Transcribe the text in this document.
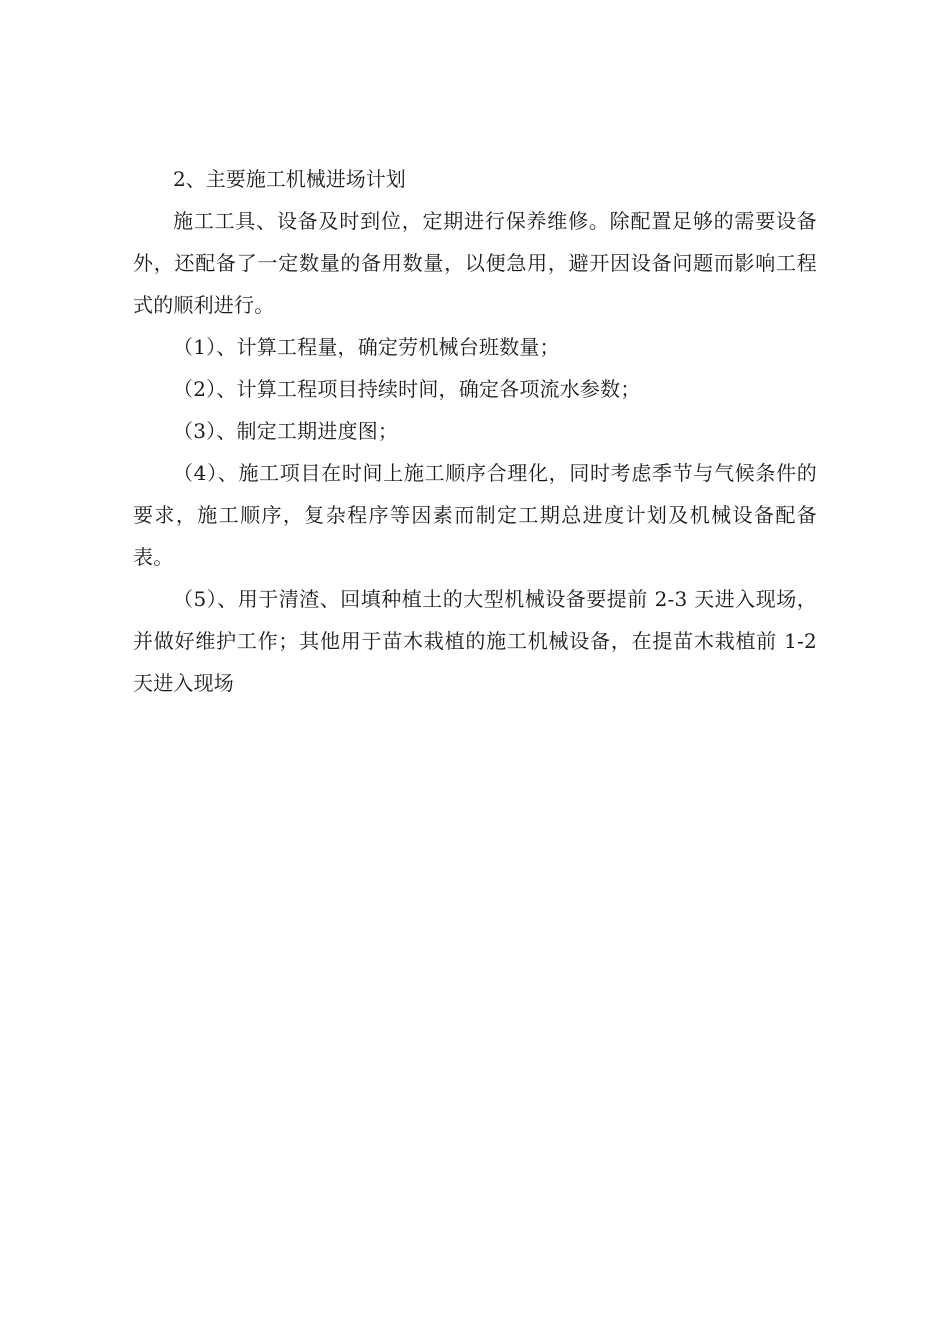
2、主要施工机械进场计划

施工工具、设备及时到位，定期进行保养维修。除配置足够的需要设备外，还配备了一定数量的备用数量，以便急用，避开因设备问题而影响工程式的顺利进行。

（1）、计算工程量，确定劳机械台班数量；

（2）、计算工程项目持续时间，确定各项流水参数；

（3）、制定工期进度图；

（4）、施工项目在时间上施工顺序合理化，同时考虑季节与气候条件的要求，施工顺序，复杂程序等因素而制定工期总进度计划及机械设备配备表。

（5）、用于清渣、回填种植土的大型机械设备要提前 2-3 天进入现场，并做好维护工作；其他用于苗木栽植的施工机械设备，在提苗木栽植前 1-2 天进入现场
